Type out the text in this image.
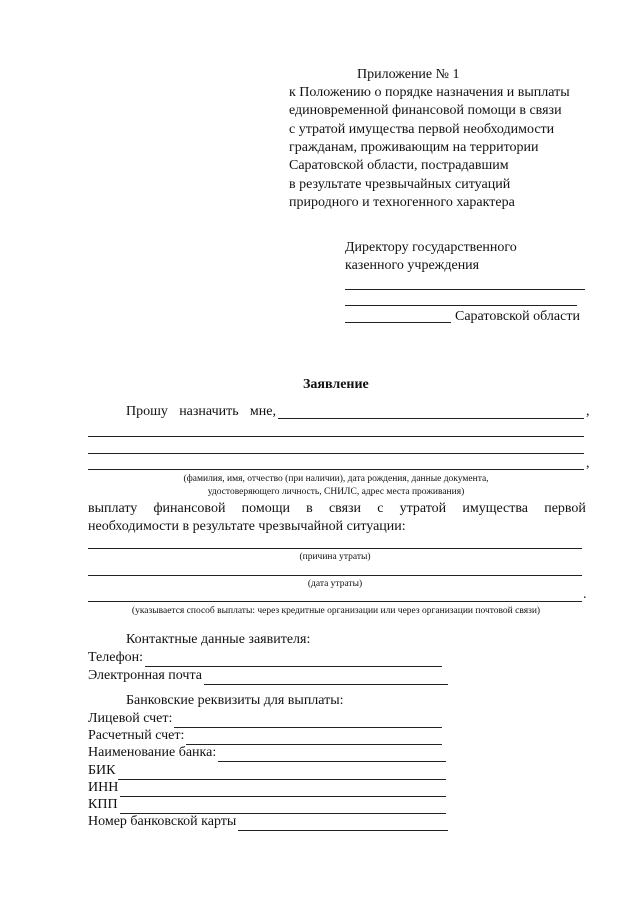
Приложение № 1
к Положению о порядке назначения и выплаты
единовременной финансовой помощи в связи
с утратой имущества первой необходимости
гражданам, проживающим на территории
Саратовской области, пострадавшим
в результате чрезвычайных ситуаций
природного и техногенного характера
Директору государственного
казенного учреждения
Саратовской области
Заявление
Прошу назначить мне,	,
,
(фамилия, имя, отчество (при наличии), дата рождения, данные документа,
удостоверяющего личность, СНИЛС, адрес места проживания)
выплату финансовой помощи в связи с утратой имущества первой
необходимости в результате чрезвычайной ситуации:
(причина утраты)
(дата утраты)
.
(указывается способ выплаты: через кредитные организации или через организации почтовой связи)
Контактные данные заявителя:
Телефон:
Электронная почта
Банковские реквизиты для выплаты:
Лицевой счет:
Расчетный счет:
Наименование банка:
БИК
ИНН
КПП
Номер банковской карты
